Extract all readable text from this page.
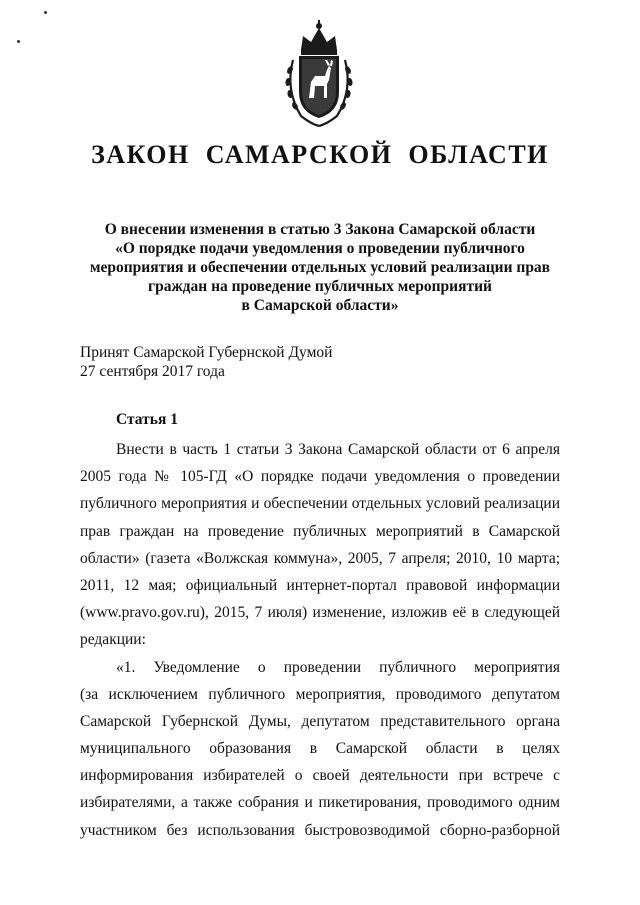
ЗАКОН САМАРСКОЙ ОБЛАСТИ
О внесении изменения в статью 3 Закона Самарской области
«О порядке подачи уведомления о проведении публичного
мероприятия и обеспечении отдельных условий реализации прав
граждан на проведение публичных мероприятий
в Самарской области»
Принят Самарской Губернской Думой
27 сентября 2017 года
Статья 1
Внести в часть 1 статьи 3 Закона Самарской области от 6 апреля
2005 года № 105-ГД «О порядке подачи уведомления о проведении
публичного мероприятия и обеспечении отдельных условий реализации
прав граждан на проведение публичных мероприятий в Самарской
области» (газета «Волжская коммуна», 2005, 7 апреля; 2010, 10 марта;
2011, 12 мая; официальный интернет-портал правовой информации
(www.pravo.gov.ru), 2015, 7 июля) изменение, изложив её в следующей
редакции:
«1. Уведомление о проведении публичного мероприятия
(за исключением публичного мероприятия, проводимого депутатом
Самарской Губернской Думы, депутатом представительного органа
муниципального образования в Самарской области в целях
информирования избирателей о своей деятельности при встрече с
избирателями, а также собрания и пикетирования, проводимого одним
участником без использования быстровозводимой сборно-разборной
